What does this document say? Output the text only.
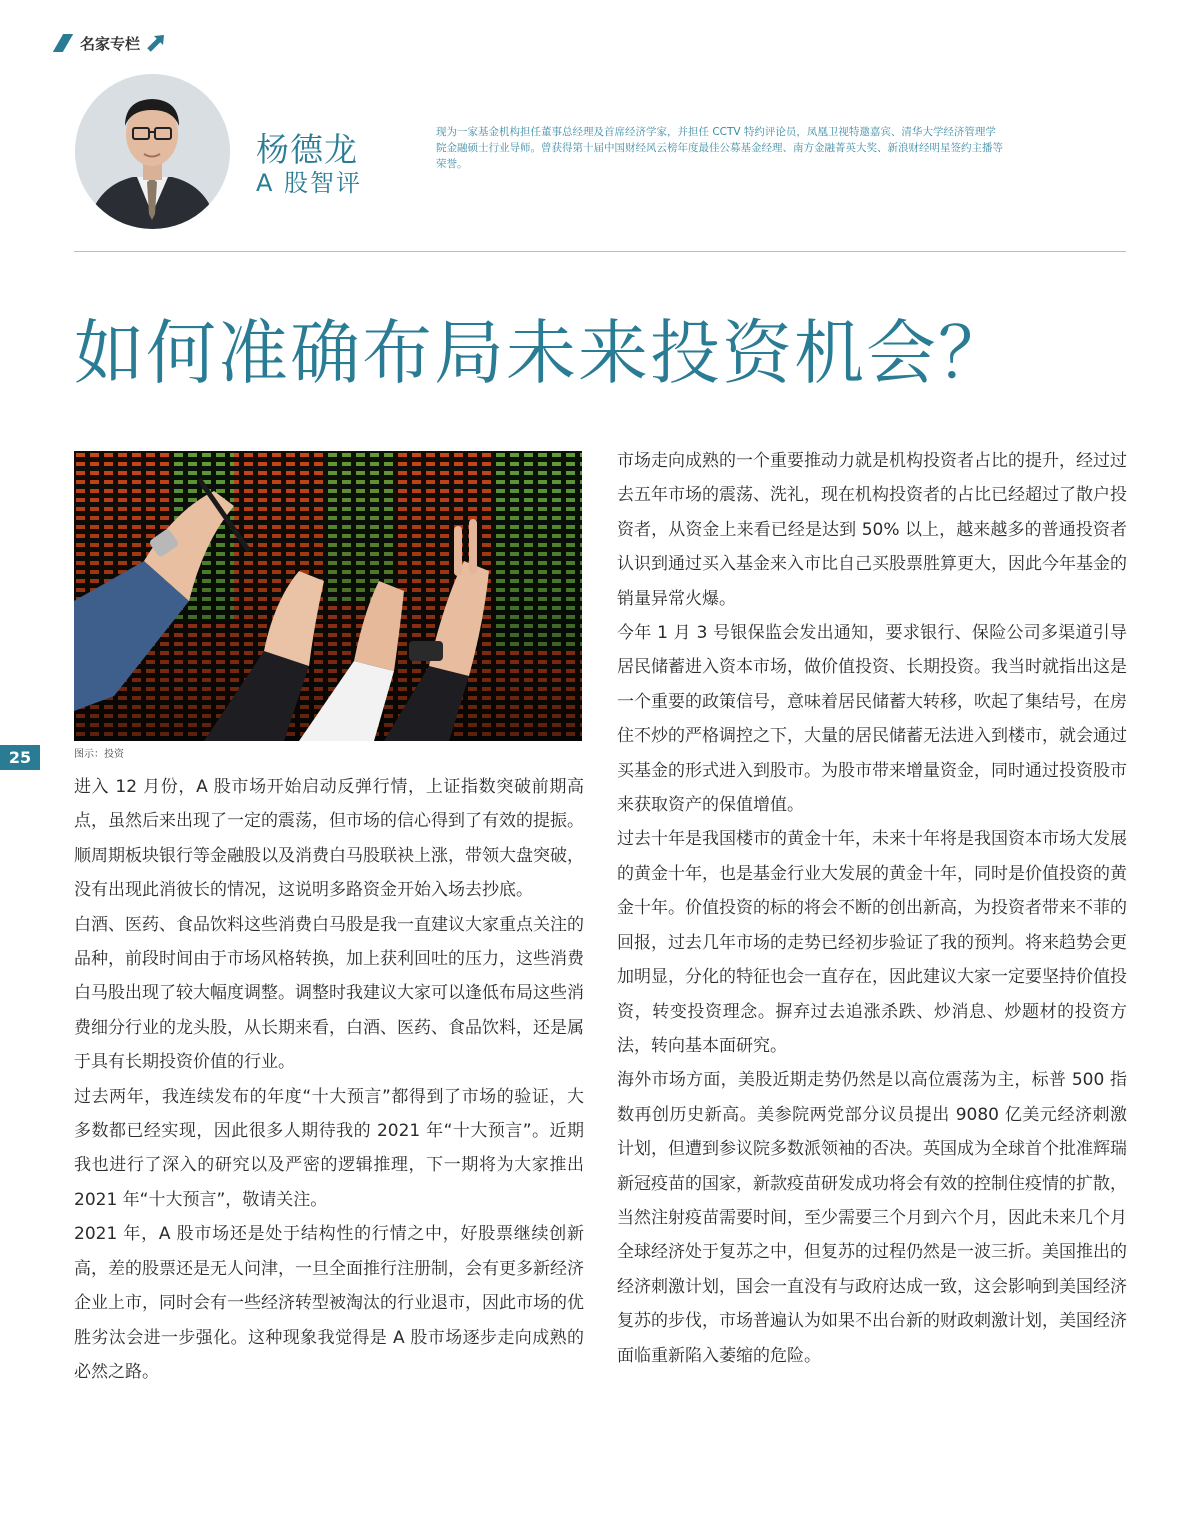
名家专栏
杨德龙
A 股智评
现为一家基金机构担任董事总经理及首席经济学家，并担任 CCTV 特约评论员，凤凰卫视特邀嘉宾、清华大学经济管理学院金融硕士行业导师。曾获得第十届中国财经风云榜年度最佳公募基金经理、南方金融菁英大奖、新浪财经明星签约主播等荣誉。
如何准确布局未来投资机会？
25	图示：投资

进入 12 月份，A 股市场开始启动反弹行情，上证指数突破前期高点，虽然后来出现了一定的震荡，但市场的信心得到了有效的提振。顺周期板块银行等金融股以及消费白马股联袂上涨，带领大盘突破，没有出现此消彼长的情况，这说明多路资金开始入场去抄底。

白酒、医药、食品饮料这些消费白马股是我一直建议大家重点关注的品种，前段时间由于市场风格转换，加上获利回吐的压力，这些消费白马股出现了较大幅度调整。调整时我建议大家可以逢低布局这些消费细分行业的龙头股，从长期来看，白酒、医药、食品饮料，还是属于具有长期投资价值的行业。

过去两年，我连续发布的年度“十大预言”都得到了市场的验证，大多数都已经实现，因此很多人期待我的 2021 年“十大预言”。近期我也进行了深入的研究以及严密的逻辑推理，下一期将为大家推出 2021 年“十大预言”，敬请关注。

2021 年，A 股市场还是处于结构性的行情之中，好股票继续创新高，差的股票还是无人问津，一旦全面推行注册制，会有更多新经济企业上市，同时会有一些经济转型被淘汰的行业退市，因此市场的优胜劣汰会进一步强化。这种现象我觉得是 A 股市场逐步走向成熟的必然之路。

市场走向成熟的一个重要推动力就是机构投资者占比的提升，经过过去五年市场的震荡、洗礼，现在机构投资者的占比已经超过了散户投资者，从资金上来看已经是达到 50% 以上，越来越多的普通投资者认识到通过买入基金来入市比自己买股票胜算更大，因此今年基金的销量异常火爆。

今年 1 月 3 号银保监会发出通知，要求银行、保险公司多渠道引导居民储蓄进入资本市场，做价值投资、长期投资。我当时就指出这是一个重要的政策信号，意味着居民储蓄大转移，吹起了集结号，在房住不炒的严格调控之下，大量的居民储蓄无法进入到楼市，就会通过买基金的形式进入到股市。为股市带来增量资金，同时通过投资股市来获取资产的保值增值。

过去十年是我国楼市的黄金十年，未来十年将是我国资本市场大发展的黄金十年，也是基金行业大发展的黄金十年，同时是价值投资的黄金十年。价值投资的标的将会不断的创出新高，为投资者带来不菲的回报，过去几年市场的走势已经初步验证了我的预判。将来趋势会更加明显，分化的特征也会一直存在，因此建议大家一定要坚持价值投资，转变投资理念。摒弃过去追涨杀跌、炒消息、炒题材的投资方法，转向基本面研究。

海外市场方面，美股近期走势仍然是以高位震荡为主，标普 500 指数再创历史新高。美参院两党部分议员提出 9080 亿美元经济刺激计划，但遭到参议院多数派领袖的否决。英国成为全球首个批准辉瑞新冠疫苗的国家，新款疫苗研发成功将会有效的控制住疫情的扩散，当然注射疫苗需要时间，至少需要三个月到六个月，因此未来几个月全球经济处于复苏之中，但复苏的过程仍然是一波三折。美国推出的经济刺激计划，国会一直没有与政府达成一致，这会影响到美国经济复苏的步伐，市场普遍认为如果不出台新的财政刺激计划，美国经济面临重新陷入萎缩的危险。
